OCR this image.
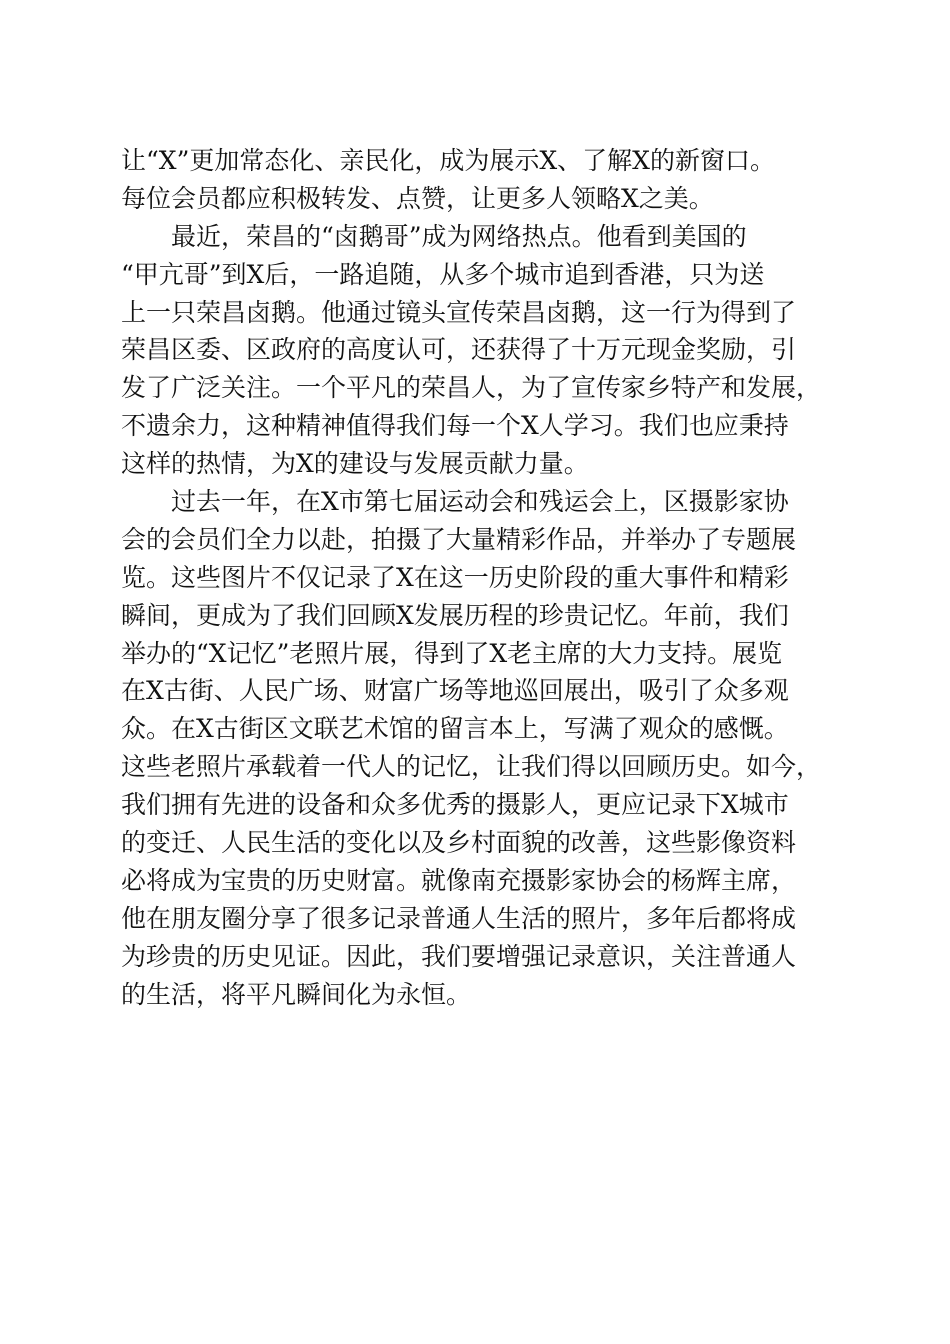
让“X”更加常态化、亲民化，成为展示X、了解X的新窗口。
每位会员都应积极转发、点赞，让更多人领略X之美。
最近，荣昌的“卤鹅哥”成为网络热点。他看到美国的
“甲亢哥”到X后，一路追随，从多个城市追到香港，只为送
上一只荣昌卤鹅。他通过镜头宣传荣昌卤鹅，这一行为得到了
荣昌区委、区政府的高度认可，还获得了十万元现金奖励，引
发了广泛关注。一个平凡的荣昌人，为了宣传家乡特产和发展，
不遗余力，这种精神值得我们每一个X人学习。我们也应秉持
这样的热情，为X的建设与发展贡献力量。
过去一年，在X市第七届运动会和残运会上，区摄影家协
会的会员们全力以赴，拍摄了大量精彩作品，并举办了专题展
览。这些图片不仅记录了X在这一历史阶段的重大事件和精彩
瞬间，更成为了我们回顾X发展历程的珍贵记忆。年前，我们
举办的“X记忆”老照片展，得到了X老主席的大力支持。展览
在X古街、人民广场、财富广场等地巡回展出，吸引了众多观
众。在X古街区文联艺术馆的留言本上，写满了观众的感慨。
这些老照片承载着一代人的记忆，让我们得以回顾历史。如今，
我们拥有先进的设备和众多优秀的摄影人，更应记录下X城市
的变迁、人民生活的变化以及乡村面貌的改善，这些影像资料
必将成为宝贵的历史财富。就像南充摄影家协会的杨辉主席，
他在朋友圈分享了很多记录普通人生活的照片，多年后都将成
为珍贵的历史见证。因此，我们要增强记录意识，关注普通人
的生活，将平凡瞬间化为永恒。
